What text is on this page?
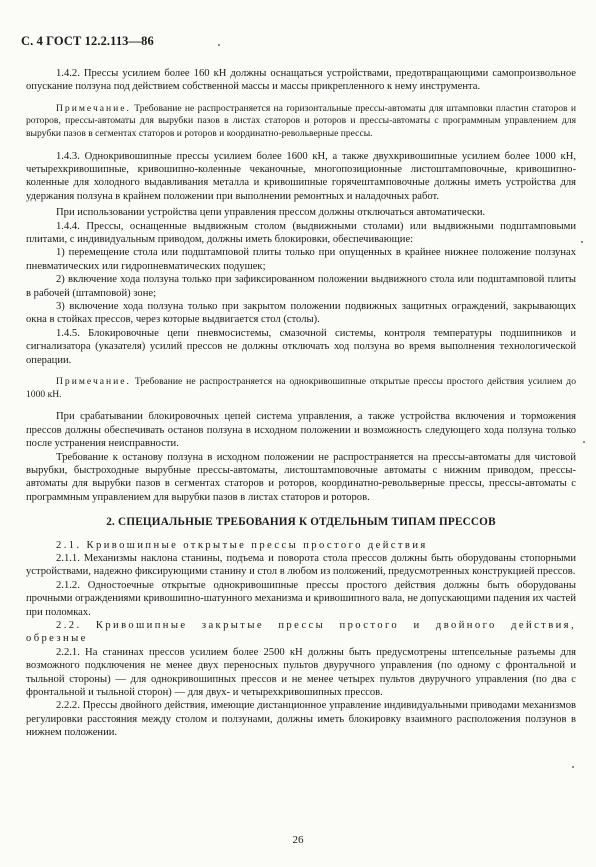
С. 4 ГОСТ 12.2.113—86

1.4.2. Прессы усилием более 160 кН должны оснащаться устройствами, предотвращающими самопроизвольное опускание ползуна под действием собственной массы и массы прикрепленного к нему инструмента.

Примечание. Требование не распространяется на горизонтальные прессы-автоматы для штамповки пластин статоров и роторов, прессы-автоматы для вырубки пазов в листах статоров и роторов и прессы-автоматы с программным управлением для вырубки пазов в сегментах статоров и роторов и координатно-револьверные прессы.

1.4.3. Однокривошипные прессы усилием более 1600 кН, а также двухкривошипные усилием более 1000 кН, четырехкривошипные, кривошипно-коленные чеканочные, многопозиционные листоштамповочные, кривошипно-коленные для холодного выдавливания металла и кривошипные горячештамповочные должны иметь устройства для удержания ползуна в крайнем положении при выполнении ремонтных и наладочных работ.

При использовании устройства цепи управления прессом должны отключаться автоматически.

1.4.4. Прессы, оснащенные выдвижным столом (выдвижными столами) или выдвижными подштамповыми плитами, с индивидуальным приводом, должны иметь блокировки, обеспечивающие:

1) перемещение стола или подштамповой плиты только при опущенных в крайнее нижнее положение ползунах пневматических или гидропневматических подушек;

2) включение хода ползуна только при зафиксированном положении выдвижного стола или подштамповой плиты в рабочей (штамповой) зоне;

3) включение хода ползуна только при закрытом положении подвижных защитных ограждений, закрывающих окна в стойках прессов, через которые выдвигается стол (столы).

1.4.5. Блокировочные цепи пневмосистемы, смазочной системы, контроля температуры подшипников и сигнализатора (указателя) усилий прессов не должны отключать ход ползуна во время выполнения технологической операции.

Примечание. Требование не распространяется на однокривошипные открытые прессы простого действия усилием до 1000 кН.

При срабатывании блокировочных цепей система управления, а также устройства включения и торможения прессов должны обеспечивать останов ползуна в исходном положении и возможность следующего хода ползуна только после устранения неисправности.

Требование к останову ползуна в исходном положении не распространяется на прессы-автоматы для чистовой вырубки, быстроходные вырубные прессы-автоматы, листоштамповочные автоматы с нижним приводом, прессы-автоматы для вырубки пазов в сегментах статоров и роторов, координатно-револьверные прессы, прессы-автоматы с программным управлением для вырубки пазов в листах статоров и роторов.

2. СПЕЦИАЛЬНЫЕ ТРЕБОВАНИЯ К ОТДЕЛЬНЫМ ТИПАМ ПРЕССОВ

2.1. Кривошипные открытые прессы простого действия

2.1.1. Механизмы наклона станины, подъема и поворота стола прессов должны быть оборудованы стопорными устройствами, надежно фиксирующими станину и стол в любом из положений, предусмотренных конструкцией прессов.

2.1.2. Одностоечные открытые однокривошипные прессы простого действия должны быть оборудованы прочными ограждениями кривошипно-шатунного механизма и кривошипного вала, не допускающими падения их частей при поломках.

2.2. Кривошипные закрытые прессы простого и двойного действия, обрезные

2.2.1. На станинах прессов усилием более 2500 кН должны быть предусмотрены штепсельные разъемы для возможного подключения не менее двух переносных пультов двуручного управления (по одному с фронтальной и тыльной стороны) — для однокривошипных прессов и не менее четырех пультов двуручного управления (по два с фронтальной и тыльной сторон) — для двух- и четырехкривошипных прессов.

2.2.2. Прессы двойного действия, имеющие дистанционное управление индивидуальными приводами механизмов регулировки расстояния между столом и ползунами, должны иметь блокировку взаимного расположения ползунов в нижнем положении.

26
